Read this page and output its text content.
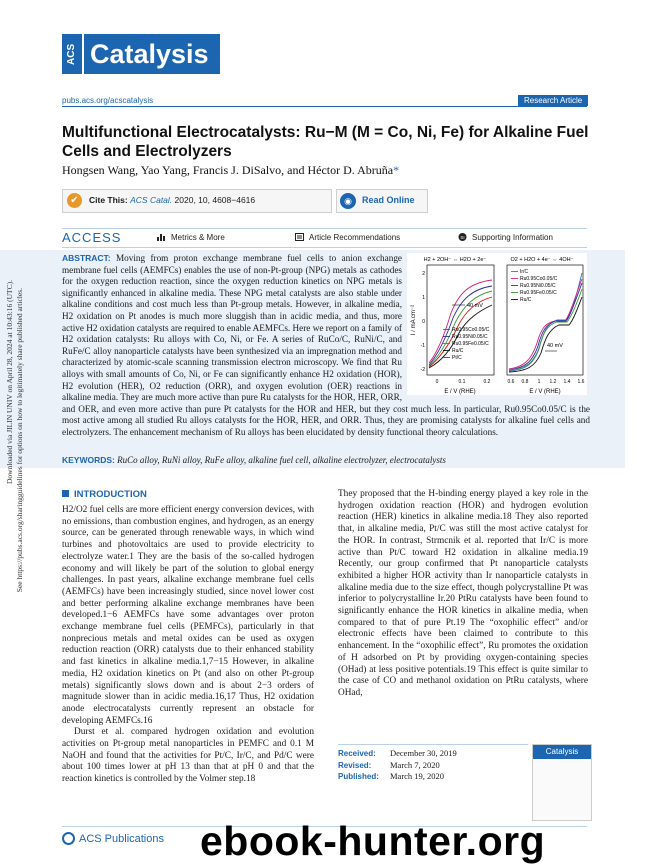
ACS Catalysis
pubs.acs.org/acscatalysis	Research Article
Multifunctional Electrocatalysts: Ru−M (M = Co, Ni, Fe) for Alkaline Fuel Cells and Electrolyzers
Hongsen Wang, Yao Yang, Francis J. DiSalvo, and Héctor D. Abruña*
✔	Cite This: ACS Catal. 2020, 10, 4608−4616	◉	Read Online
ACCESS	Metrics & More	Article Recommendations	SI Supporting Information
ABSTRACT: Moving from proton exchange membrane fuel cells to anion exchange membrane fuel cells (AEMFCs) enables the use of non-Pt-group (NPG) metals as cathodes for the oxygen reduction reaction, since the oxygen reduction kinetics on NPG metals is significantly enhanced in alkaline media. These NPG metal catalysts are also stable under alkaline conditions and cost much less than Pt-group metals. However, in alkaline media, H2 oxidation on Pt anodes is much more sluggish than in acidic media, and thus, more active H2 oxidation catalysts are required to enable AEMFCs. Here we report on a family of H2 oxidation catalysts: Ru alloys with Co, Ni, or Fe. A series of RuCo/C, RuNi/C, and RuFe/C alloy nanoparticle catalysts have been synthesized via an impregnation method and characterized by atomic-scale scanning transmission electron microscopy. We find that Ru alloys with small amounts of Co, Ni, or Fe can significantly enhance H2 oxidation (HOR), H2 evolution (HER), O2 reduction (ORR), and oxygen evolution (OER) reactions in alkaline media. They are much more active than pure Ru catalysts for the HOR, HER, ORR, and OER, and even more active than pure Pt catalysts for the HOR and HER, but they cost much less. In particular, Ru0.95Co0.05/C is the most active among all studied Ru alloys catalysts for the HOR, HER, and ORR. Thus, they are promising catalysts for alkaline fuel cells and electrolyzers. The enhancement mechanism of Ru alloys has been elucidated by density functional theory calculations.
H2 + 2OH⁻ ⇔ H2O + 2e⁻
I / mA cm⁻²
2
1
0
-1
-2
0	0.1	0.2
E / V (RHE)
40 mV
Ru0.95Co0.05/C
Ru0.95Ni0.05/C
Ru0.95Fe0.05/C
Ru/C
Pt/C
O2 + H2O + 4e⁻ ⇔ 4OH⁻
0.6 0.8 1 1.2 1.4 1.6
E / V (RHE)
40 mV
Ir/C
Ru0.95Co0.05/C
Ru0.95Ni0.05/C
Ru0.95Fe0.05/C
Ru/C
KEYWORDS: RuCo alloy, RuNi alloy, RuFe alloy, alkaline fuel cell, alkaline electrolyzer, electrocatalysts
Downloaded via JILIN UNIV on April 28, 2024 at 10:43:16 (UTC). See https://pubs.acs.org/sharingguidelines for options on how to legitimately share published articles.	INTRODUCTION

H2/O2 fuel cells are more efficient energy conversion devices, with no emissions, than combustion engines, and hydrogen, as an energy source, can be generated through renewable ways, in which wind turbines and photovoltaics are used to provide electricity to electrolyze water.1 They are the basis of the so-called hydrogen economy and will likely be part of the solution to global energy challenges. In past years, alkaline exchange membrane fuel cells (AEMFCs) have been increasingly studied, since novel lower cost and better performing alkaline exchange membranes have been developed.1−6 AEMFCs have some advantages over proton exchange membrane fuel cells (PEMFCs), particularly in that nonprecious metals and metal oxides can be used as oxygen reduction reaction (ORR) catalysts due to their enhanced stability and fast kinetics in alkaline media.1,7−15 However, in alkaline media, H2 oxidation kinetics on Pt (and also on other Pt-group metals) significantly slows down and is about 2−3 orders of magnitude slower than in acidic media.16,17 Thus, H2 oxidation anode electrocatalysts currently represent an obstacle for developing AEMFCs.16

Durst et al. compared hydrogen oxidation and evolution activities on Pt-group metal nanoparticles in PEMFC and 0.1 M NaOH and found that the activities for Pt/C, Ir/C, and Pd/C were about 100 times lower at pH 13 than that at pH 0 and that the reaction kinetics is controlled by the Volmer step.18

They proposed that the H-binding energy played a key role in the hydrogen oxidation reaction (HOR) and hydrogen evolution reaction (HER) kinetics in alkaline media.18 They also reported that, in alkaline media, Pt/C was still the most active catalyst for the HOR. In contrast, Strmcnik et al. reported that Ir/C is more active than Pt/C toward H2 oxidation in alkaline media.19 Recently, our group confirmed that Pt nanoparticle catalysts exhibited a higher HOR activity than Ir nanoparticle catalysts in alkaline media due to the size effect, though polycrystalline Pt was inferior to polycrystalline Ir.20 PtRu catalysts have been found to significantly enhance the HOR kinetics in alkaline media, when compared to that of pure Pt.19 The “oxophilic effect” and/or electronic effects have been claimed to contribute to this enhancement. In the “oxophilic effect”, Ru promotes the oxidation of H adsorbed on Pt by providing oxygen-containing species (OHad) at less positive potentials.19 This effect is quite similar to the case of CO and methanol oxidation on PtRu catalysts, where OHad,

Received: December 30, 2019
Revised: March 7, 2020
Published: March 19, 2020
Catalysis
ACS Publications ebook-hunter.org
